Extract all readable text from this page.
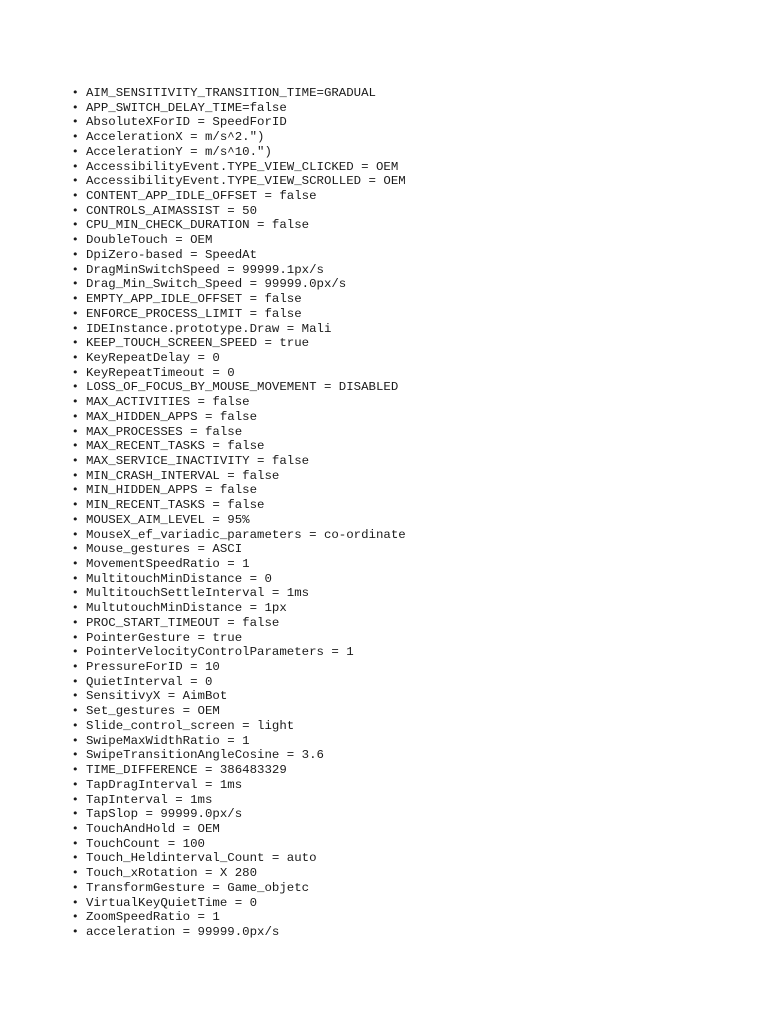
• AIM_SENSITIVITY_TRANSITION_TIME=GRADUAL
• APP_SWITCH_DELAY_TIME=false
• AbsoluteXForID = SpeedForID
• AccelerationX = m/s^2.")
• AccelerationY = m/s^10.")
• AccessibilityEvent.TYPE_VIEW_CLICKED = OEM
• AccessibilityEvent.TYPE_VIEW_SCROLLED = OEM
• CONTENT_APP_IDLE_OFFSET = false
• CONTROLS_AIMASSIST = 50
• CPU_MIN_CHECK_DURATION = false
• DoubleTouch = OEM
• DpiZero-based = SpeedAt
• DragMinSwitchSpeed = 99999.1px/s
• Drag_Min_Switch_Speed = 99999.0px/s
• EMPTY_APP_IDLE_OFFSET = false
• ENFORCE_PROCESS_LIMIT = false
• IDEInstance.prototype.Draw = Mali
• KEEP_TOUCH_SCREEN_SPEED = true
• KeyRepeatDelay = 0
• KeyRepeatTimeout = 0
• LOSS_OF_FOCUS_BY_MOUSE_MOVEMENT = DISABLED
• MAX_ACTIVITIES = false
• MAX_HIDDEN_APPS = false
• MAX_PROCESSES = false
• MAX_RECENT_TASKS = false
• MAX_SERVICE_INACTIVITY = false
• MIN_CRASH_INTERVAL = false
• MIN_HIDDEN_APPS = false
• MIN_RECENT_TASKS = false
• MOUSEX_AIM_LEVEL = 95%
• MouseX_ef_variadic_parameters = co-ordinate
• Mouse_gestures = ASCI
• MovementSpeedRatio = 1
• MultitouchMinDistance = 0
• MultitouchSettleInterval = 1ms
• MultutouchMinDistance = 1px
• PROC_START_TIMEOUT = false
• PointerGesture = true
• PointerVelocityControlParameters = 1
• PressureForID = 10
• QuietInterval = 0
• SensitivyX = AimBot
• Set_gestures = OEM
• Slide_control_screen = light
• SwipeMaxWidthRatio = 1
• SwipeTransitionAngleCosine = 3.6
• TIME_DIFFERENCE = 386483329
• TapDragInterval = 1ms
• TapInterval = 1ms
• TapSlop = 99999.0px/s
• TouchAndHold = OEM
• TouchCount = 100
• Touch_Heldinterval_Count = auto
• Touch_xRotation = X 280
• TransformGesture = Game_objetc
• VirtualKeyQuietTime = 0
• ZoomSpeedRatio = 1
• acceleration = 99999.0px/s
